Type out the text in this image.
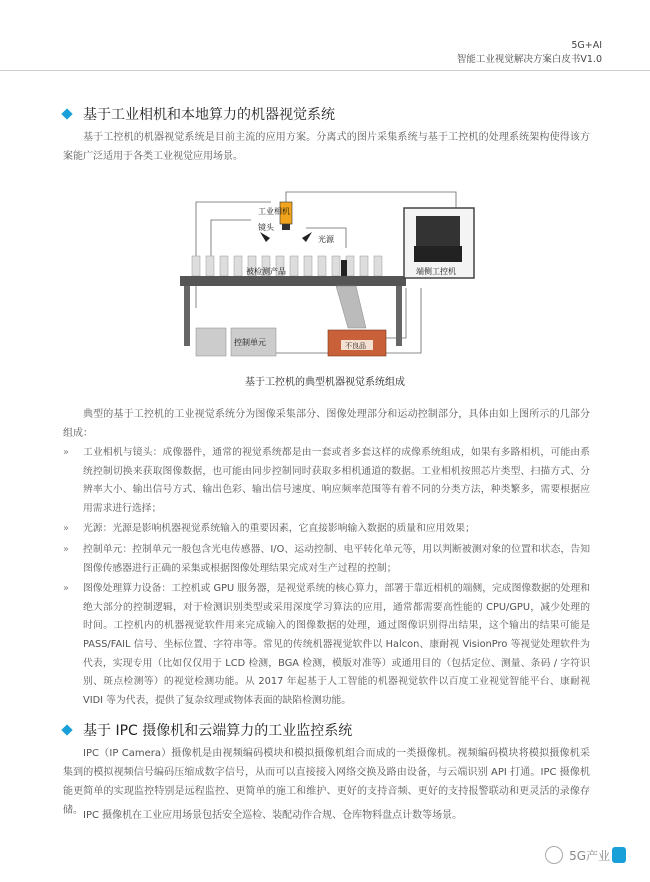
5G+AI
智能工业视觉解决方案白皮书V1.0
基于工业相机和本地算力的机器视觉系统
基于工控机的机器视觉系统是目前主流的应用方案。分离式的图片采集系统与基于工控机的处理系统架构使得该方案能广泛适用于各类工业视觉应用场景。
工业相机
镜头
光源
被检测产品
控制单元	不良品
端侧工控机
基于工控机的典型机器视觉系统组成
典型的基于工控机的工业视觉系统分为图像采集部分、图像处理部分和运动控制部分，具体由如上图所示的几部分组成：
»	工业相机与镜头：成像器件，通常的视觉系统都是由一套或者多套这样的成像系统组成，如果有多路相机，可能由系统控制切换来获取图像数据，也可能由同步控制同时获取多相机通道的数据。工业相机按照芯片类型、扫描方式、分辨率大小、输出信号方式、输出色彩、输出信号速度、响应频率范围等有着不同的分类方法，种类繁多，需要根据应用需求进行选择；
»	光源：光源是影响机器视觉系统输入的重要因素，它直接影响输入数据的质量和应用效果；
»	控制单元：控制单元一般包含光电传感器、I/O、运动控制、电平转化单元等，用以判断被测对象的位置和状态，告知图像传感器进行正确的采集或根据图像处理结果完成对生产过程的控制；
»	图像处理算力设备：工控机或 GPU 服务器，是视觉系统的核心算力，部署于靠近相机的端侧，完成图像数据的处理和绝大部分的控制逻辑，对于检测识别类型或采用深度学习算法的应用，通常都需要高性能的 CPU/GPU，减少处理的时间。工控机内的机器视觉软件用来完成输入的图像数据的处理，通过图像识别得出结果，这个输出的结果可能是 PASS/FAIL 信号、坐标位置、字符串等。常见的传统机器视觉软件以 Halcon、康耐视 VisionPro 等视觉处理软件为代表，实现专用（比如仅仅用于 LCD 检测，BGA 检测，模版对准等）或通用目的（包括定位、测量、条码 / 字符识别、斑点检测等）的视觉检测功能。从 2017 年起基于人工智能的机器视觉软件以百度工业视觉智能平台、康耐视 VIDI 等为代表，提供了复杂纹理或物体表面的缺陷检测功能。
基于 IPC 摄像机和云端算力的工业监控系统
IPC（IP Camera）摄像机是由视频编码模块和模拟摄像机组合而成的一类摄像机。视频编码模块将模拟摄像机采集到的模拟视频信号编码压缩成数字信号，从而可以直接接入网络交换及路由设备，与云端识别 API 打通。IPC 摄像机能更简单的实现监控特别是远程监控、更简单的施工和维护、更好的支持音频、更好的支持报警联动和更灵活的录像存储。 IPC 摄像机在工业应用场景包括安全巡检、装配动作合规、仓库物料盘点计数等场景。
5G产业
